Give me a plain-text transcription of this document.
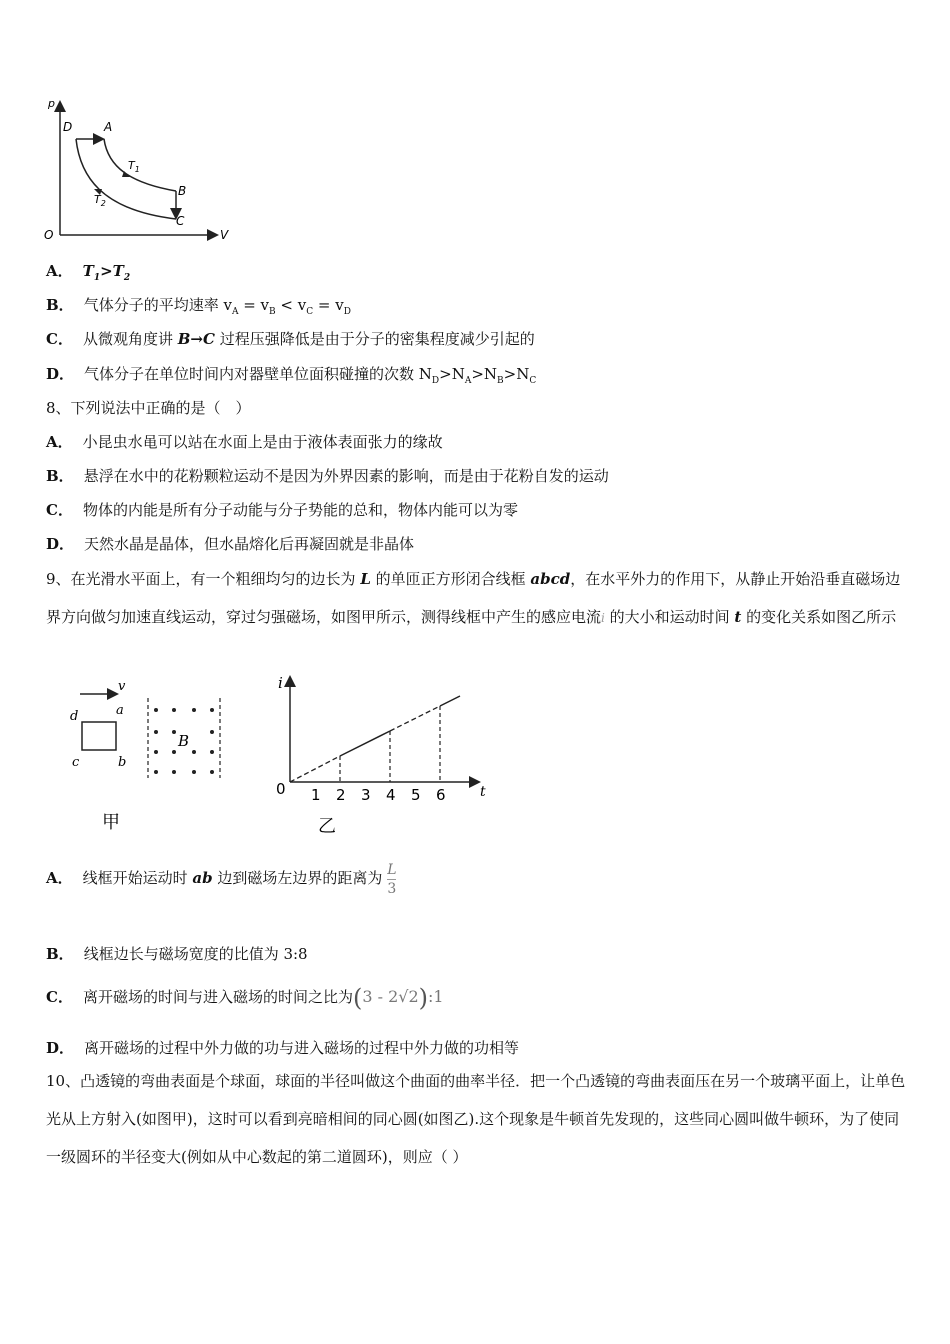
p
V
O
D	A
B
C
$T_1$
$T_2$
A． $T_1>T_2$
B． 气体分子的平均速率 $v_A = v_B < v_C = v_D$
C． 从微观角度讲 B→C 过程压强降低是由于分子的密集程度减少引起的
D． 气体分子在单位时间内对器壁单位面积碰撞的次数 $N_D>N_A>N_B>N_C$
8、下列说法中正确的是（　）
A． 小昆虫水黾可以站在水面上是由于液体表面张力的缘故
B． 悬浮在水中的花粉颗粒运动不是因为外界因素的影响，而是由于花粉自发的运动
C． 物体的内能是所有分子动能与分子势能的总和，物体内能可以为零
D． 天然水晶是晶体，但水晶熔化后再凝固就是非晶体
9、在光滑水平面上，有一个粗细均匀的边长为 L 的单匝正方形闭合线框 abcd，在水平外力的作用下，从静止开始沿垂直磁场边界方向做匀加速直线运动，穿过匀强磁场，如图甲所示，测得线框中产生的感应电流i 的大小和运动时间 t 的变化关系如图乙所示
v
d	a
c	b
B
甲
i
t
0 1 2 3 4 5 6
乙
A． 线框开始运动时 ab 边到磁场左边界的距离为 $\frac{L}{3}$
B． 线框边长与磁场宽度的比值为 3:8
C． 离开磁场的时间与进入磁场的时间之比为(3 - 2√2):1
D． 离开磁场的过程中外力做的功与进入磁场的过程中外力做的功相等
10、凸透镜的弯曲表面是个球面，球面的半径叫做这个曲面的曲率半径．把一个凸透镜的弯曲表面压在另一个玻璃平面上，让单色光从上方射入(如图甲)，这时可以看到亮暗相间的同心圆(如图乙).这个现象是牛顿首先发现的，这些同心圆叫做牛顿环，为了使同一级圆环的半径变大(例如从中心数起的第二道圆环)，则应（ ）
